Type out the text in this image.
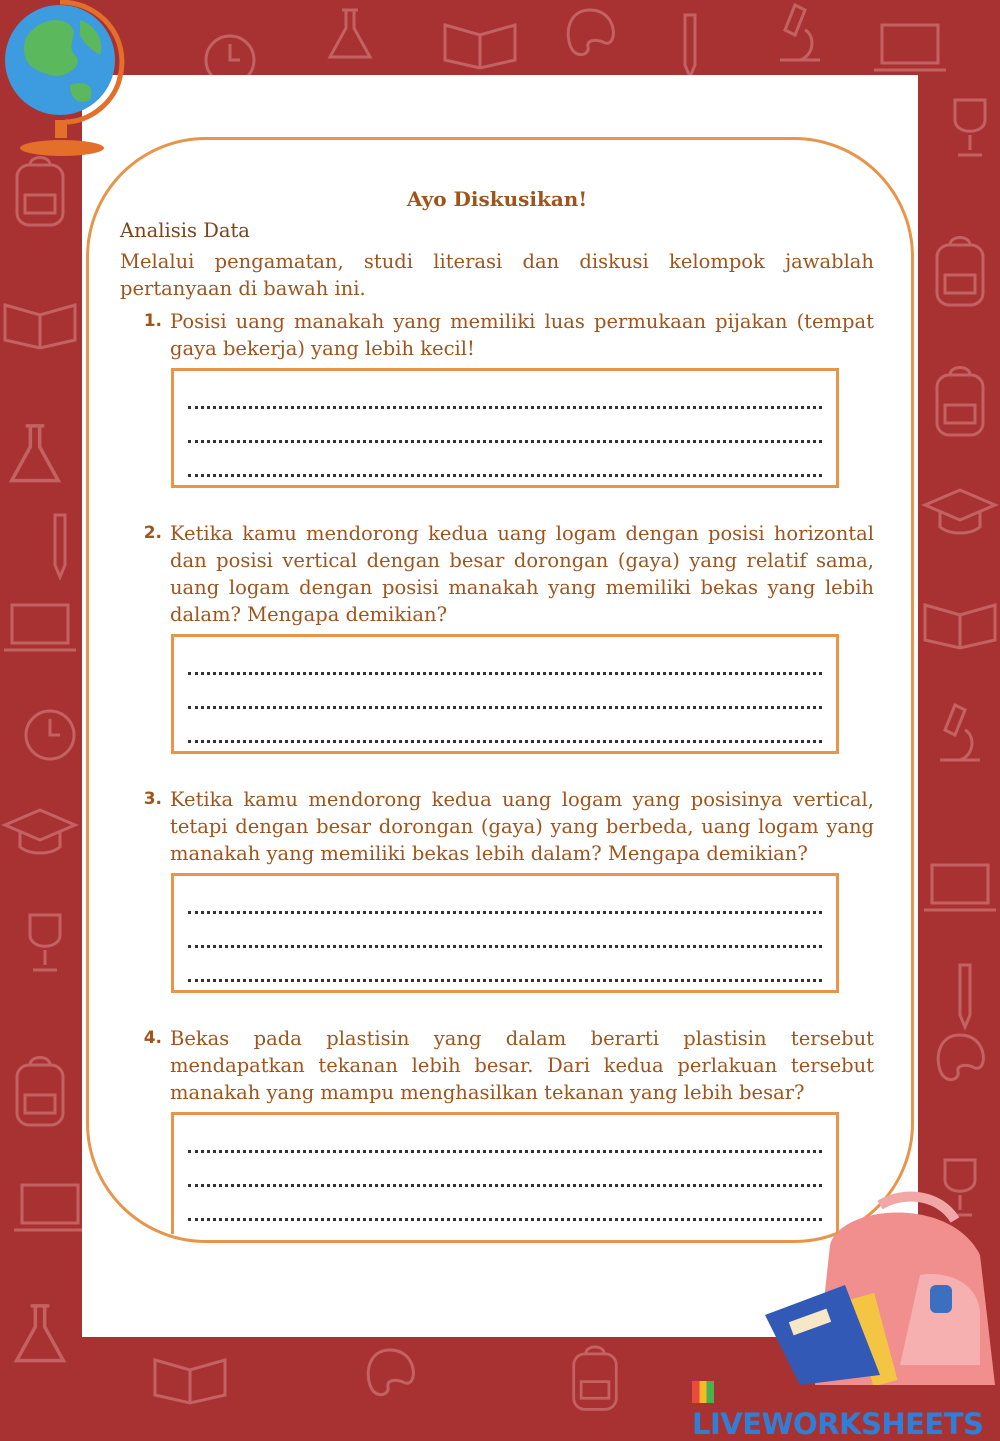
Ayo Diskusikan!
Analisis Data
Melalui pengamatan, studi literasi dan diskusi kelompok jawablah pertanyaan di bawah ini.
1. Posisi uang manakah yang memiliki luas permukaan pijakan (tempat gaya bekerja) yang lebih kecil!
2. Ketika kamu mendorong kedua uang logam dengan posisi horizontal dan posisi vertical dengan besar dorongan (gaya) yang relatif sama, uang logam dengan posisi manakah yang memiliki bekas yang lebih dalam? Mengapa demikian?
3. Ketika kamu mendorong kedua uang logam yang posisinya vertical, tetapi dengan besar dorongan (gaya) yang berbeda, uang logam yang manakah yang memiliki bekas lebih dalam? Mengapa demikian?
4. Bekas pada plastisin yang dalam berarti plastisin tersebut mendapatkan tekanan lebih besar. Dari kedua perlakuan tersebut manakah yang mampu menghasilkan tekanan yang lebih besar?
LIVEWORKSHEETS
